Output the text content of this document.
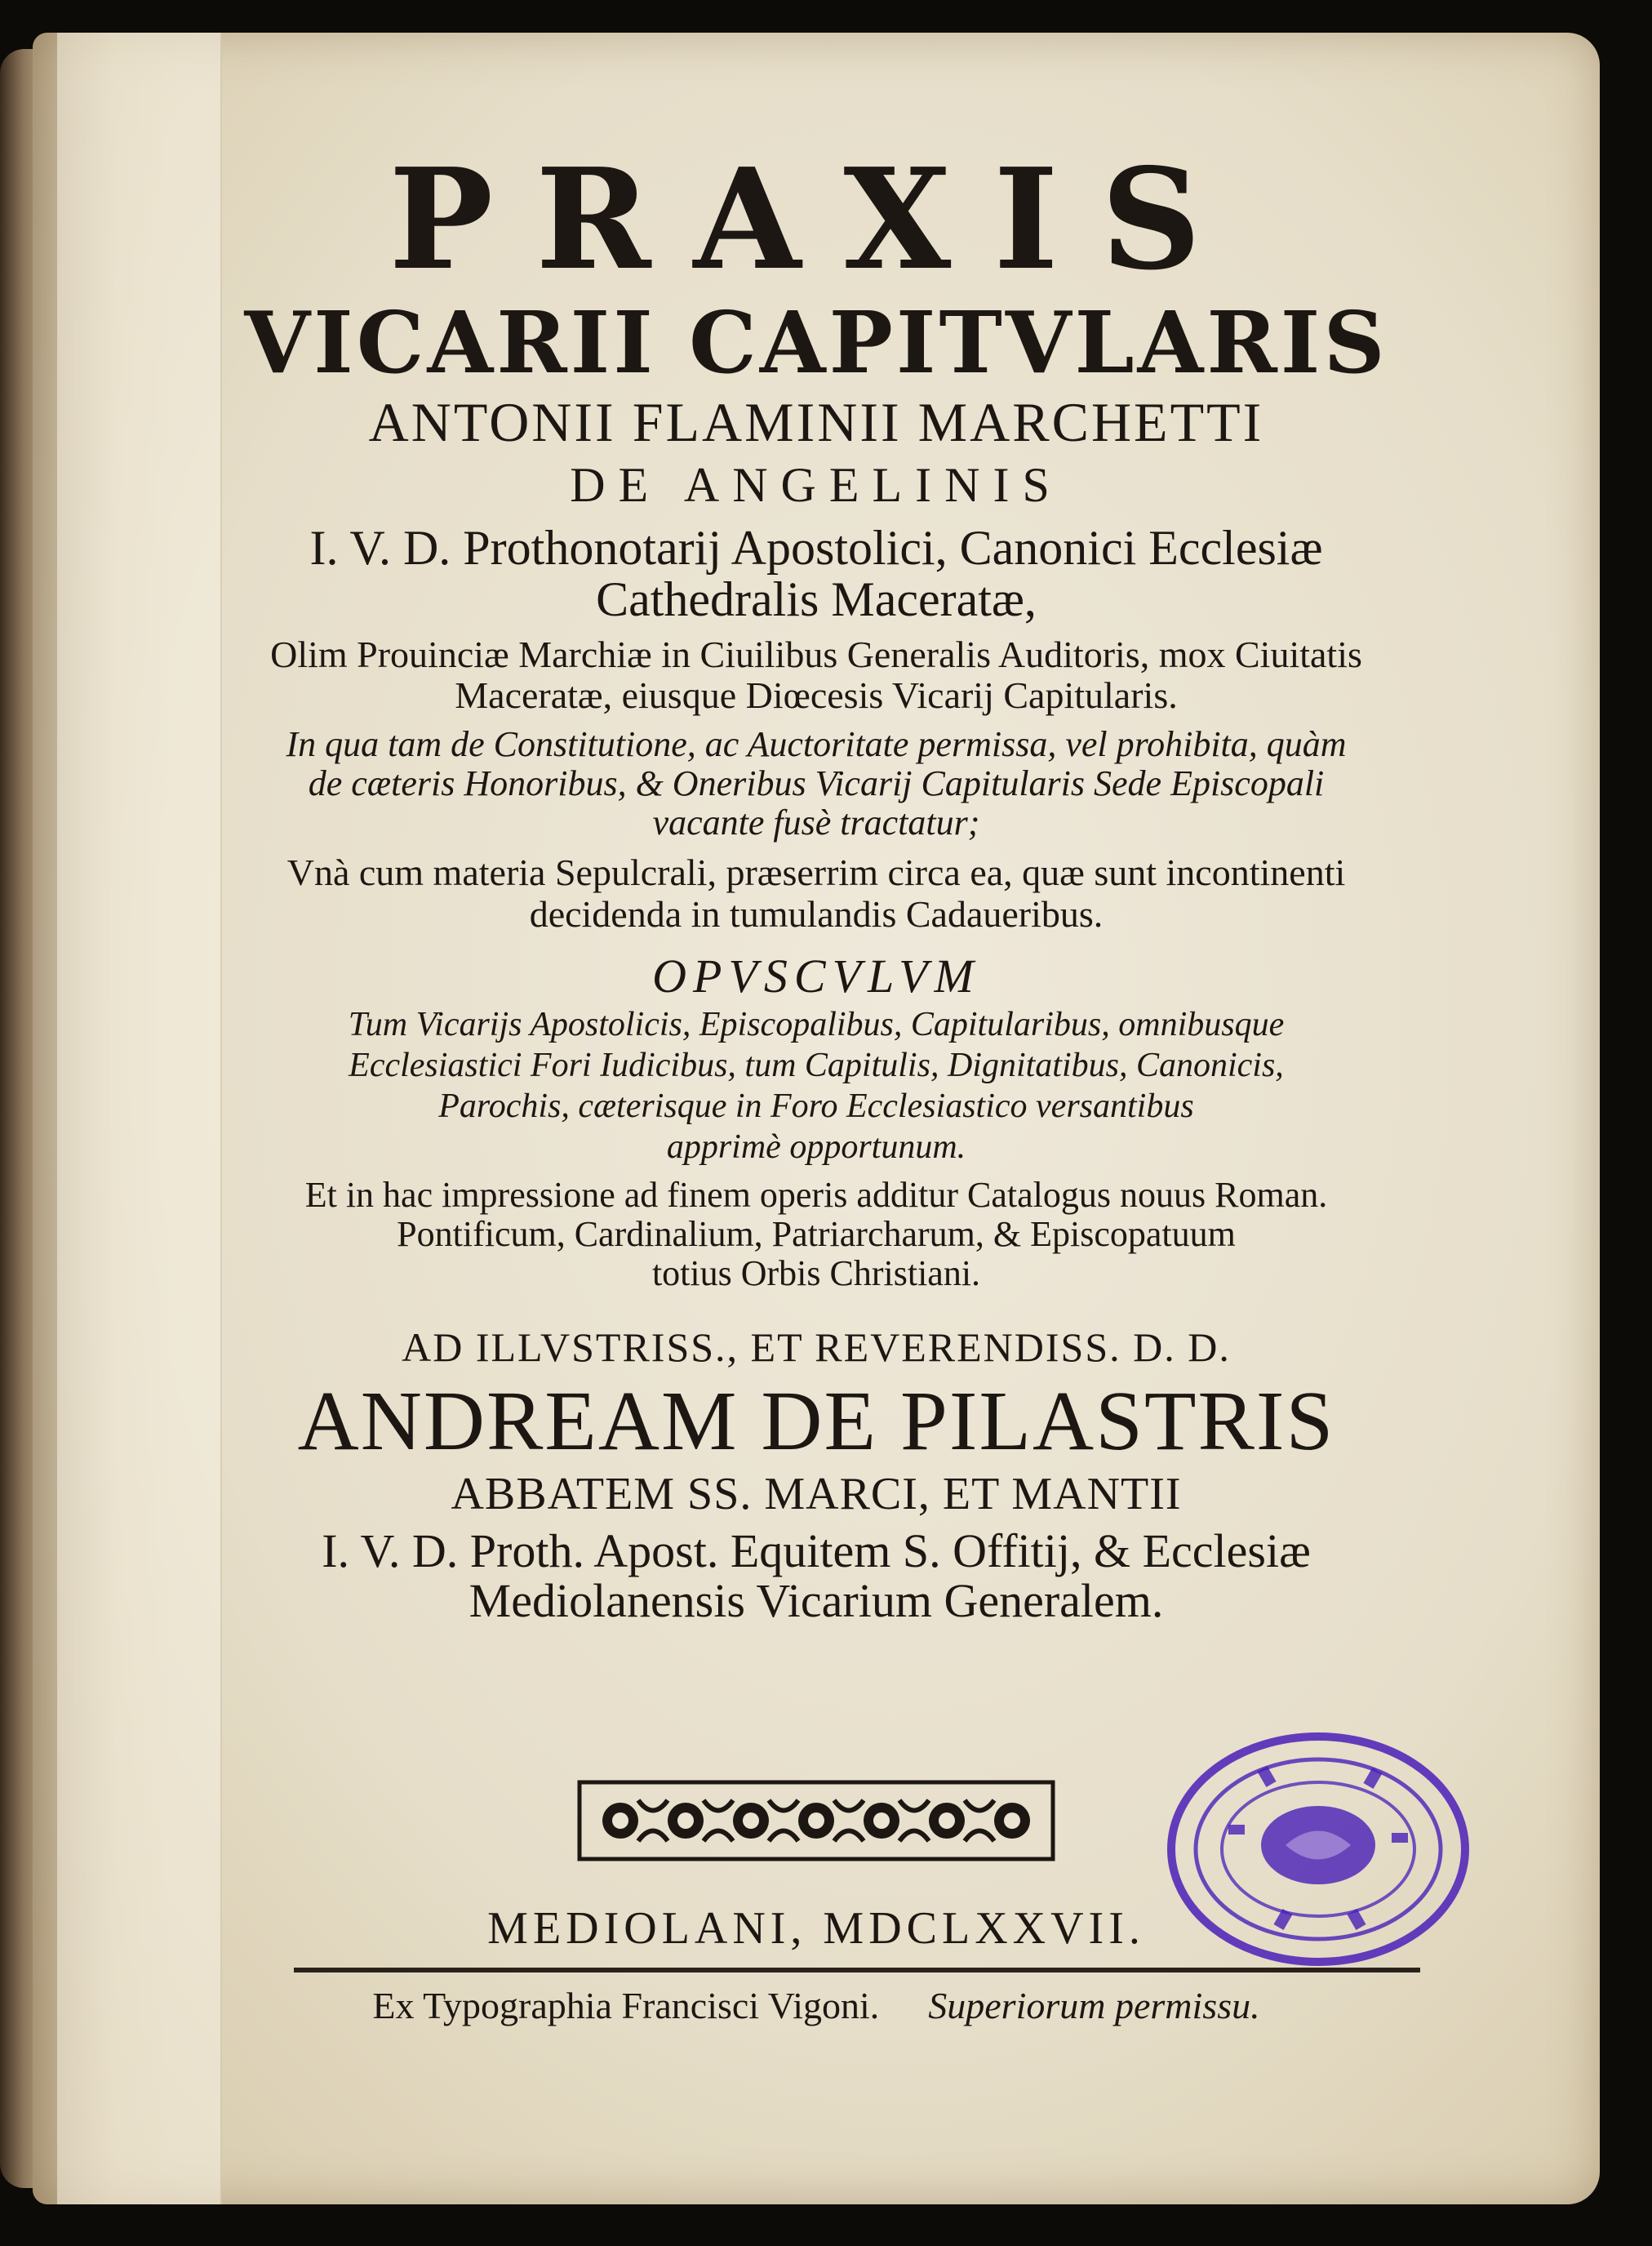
PRAXIS
VICARII CAPITVLARIS
ANTONII FLAMINII MARCHETTI
DE ANGELINIS
I. V. D. Prothonotarij Apostolici, Canonici Ecclesiæ
Cathedralis Maceratæ,
Olim Prouinciæ Marchiæ in Ciuilibus Generalis Auditoris, mox Ciuitatis
Maceratæ, eiusque Diœcesis Vicarij Capitularis.
In qua tam de Constitutione, ac Auctoritate permissa, vel prohibita, quàm
de cæteris Honoribus, & Oneribus Vicarij Capitularis Sede Episcopali
vacante fusè tractatur;
Vnà cum materia Sepulcrali, præserrim circa ea, quæ sunt incontinenti
decidenda in tumulandis Cadaueribus.
OPVSCVLVM
Tum Vicarijs Apostolicis, Episcopalibus, Capitularibus, omnibusque
Ecclesiastici Fori Iudicibus, tum Capitulis, Dignitatibus, Canonicis,
Parochis, cæterisque in Foro Ecclesiastico versantibus
apprimè opportunum.
Et in hac impressione ad finem operis additur Catalogus nouus Roman.
Pontificum, Cardinalium, Patriarcharum, & Episcopatuum
totius Orbis Christiani.
AD ILLVSTRISS., ET REVERENDISS. D. D.
ANDREAM DE PILASTRIS
ABBATEM SS. MARCI, ET MANTII
I. V. D. Proth. Apost. Equitem S. Offitij, & Ecclesiæ
Mediolanensis Vicarium Generalem.
MEDIOLANI, MDCLXXVII.
Ex Typographia Francisci Vigoni. Superiorum permissu.
